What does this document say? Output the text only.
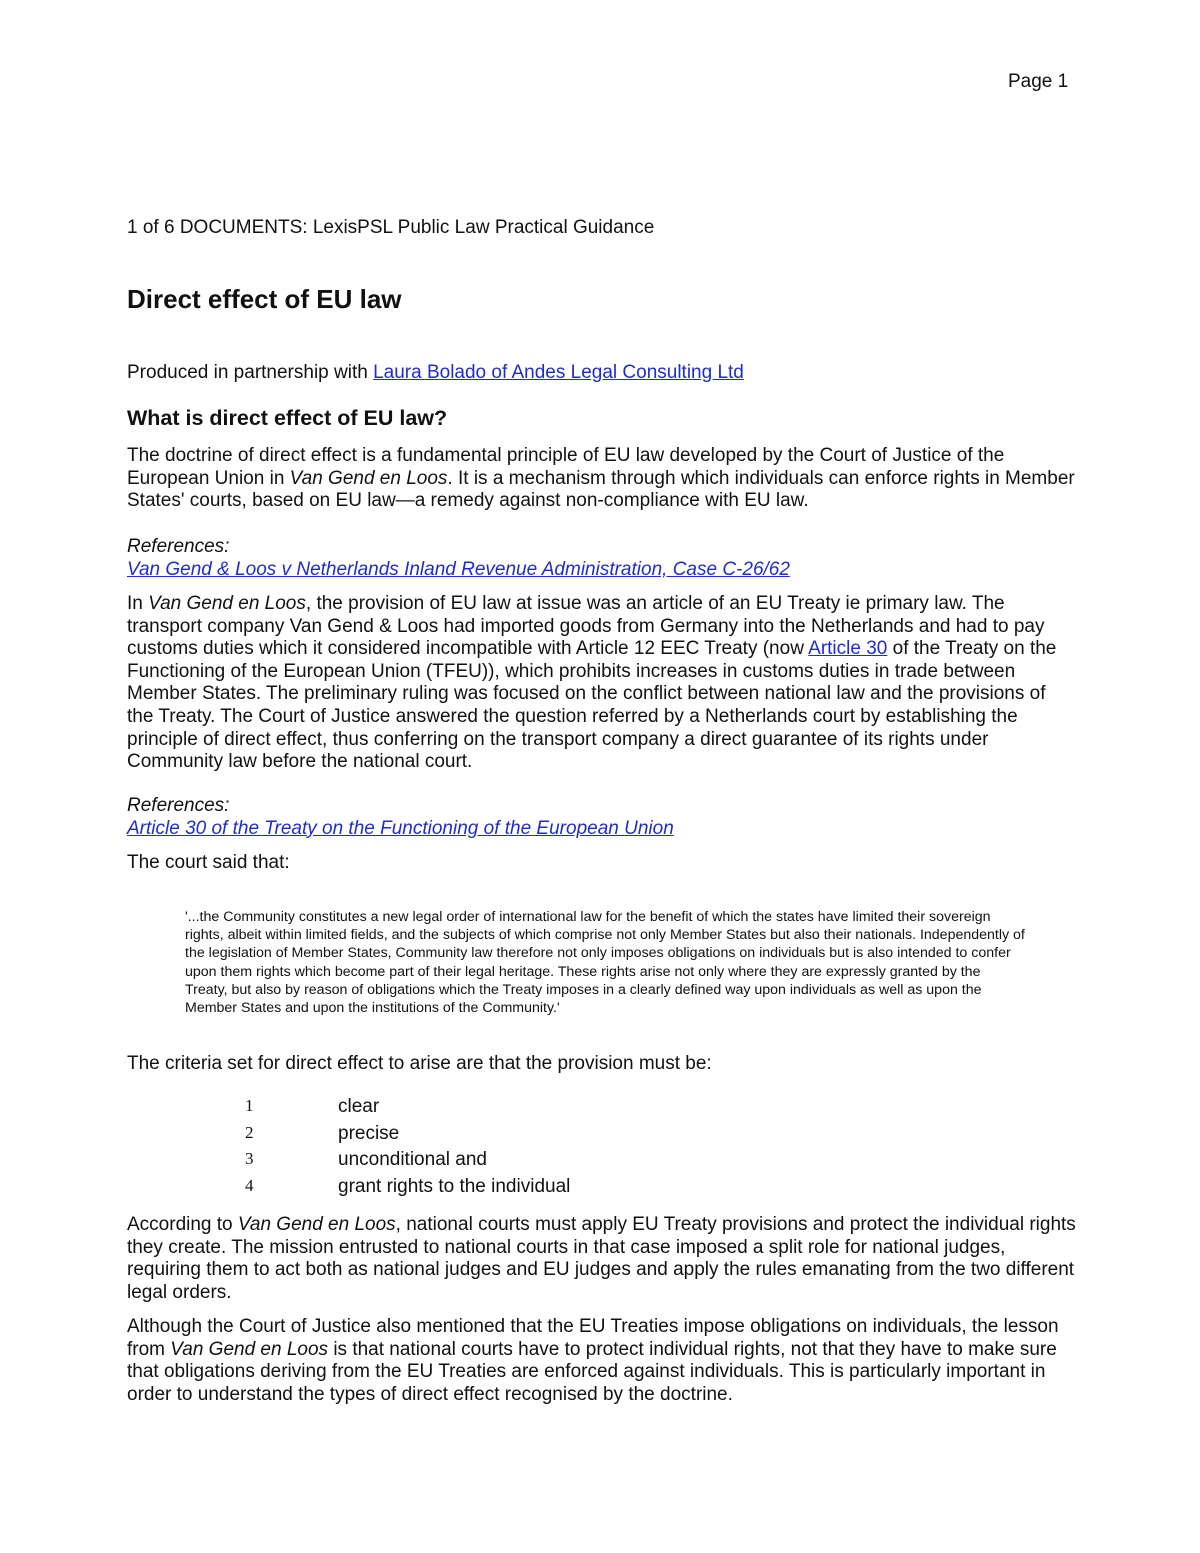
Page 1
1 of 6 DOCUMENTS: LexisPSL Public Law Practical Guidance
Direct effect of EU law
Produced in partnership with Laura Bolado of Andes Legal Consulting Ltd
What is direct effect of EU law?

The doctrine of direct effect is a fundamental principle of EU law developed by the Court of Justice of the European Union in Van Gend en Loos. It is a mechanism through which individuals can enforce rights in Member States' courts, based on EU law—a remedy against non-compliance with EU law.

References:
Van Gend & Loos v Netherlands Inland Revenue Administration, Case C-26/62

In Van Gend en Loos, the provision of EU law at issue was an article of an EU Treaty ie primary law. The transport company Van Gend & Loos had imported goods from Germany into the Netherlands and had to pay customs duties which it considered incompatible with Article 12 EEC Treaty (now Article 30 of the Treaty on the Functioning of the European Union (TFEU)), which prohibits increases in customs duties in trade between Member States. The preliminary ruling was focused on the conflict between national law and the provisions of the Treaty. The Court of Justice answered the question referred by a Netherlands court by establishing the principle of direct effect, thus conferring on the transport company a direct guarantee of its rights under Community law before the national court.

References:
Article 30 of the Treaty on the Functioning of the European Union

The court said that:

'...the Community constitutes a new legal order of international law for the benefit of which the states have limited their sovereign rights, albeit within limited fields, and the subjects of which comprise not only Member States but also their nationals. Independently of the legislation of Member States, Community law therefore not only imposes obligations on individuals but is also intended to confer upon them rights which become part of their legal heritage. These rights arise not only where they are expressly granted by the Treaty, but also by reason of obligations which the Treaty imposes in a clearly defined way upon individuals as well as upon the Member States and upon the institutions of the Community.'

The criteria set for direct effect to arise are that the provision must be:

1	clear
2	precise
3	unconditional and
4	grant rights to the individual

According to Van Gend en Loos, national courts must apply EU Treaty provisions and protect the individual rights they create. The mission entrusted to national courts in that case imposed a split role for national judges, requiring them to act both as national judges and EU judges and apply the rules emanating from the two different legal orders.

Although the Court of Justice also mentioned that the EU Treaties impose obligations on individuals, the lesson from Van Gend en Loos is that national courts have to protect individual rights, not that they have to make sure that obligations deriving from the EU Treaties are enforced against individuals. This is particularly important in order to understand the types of direct effect recognised by the doctrine.
